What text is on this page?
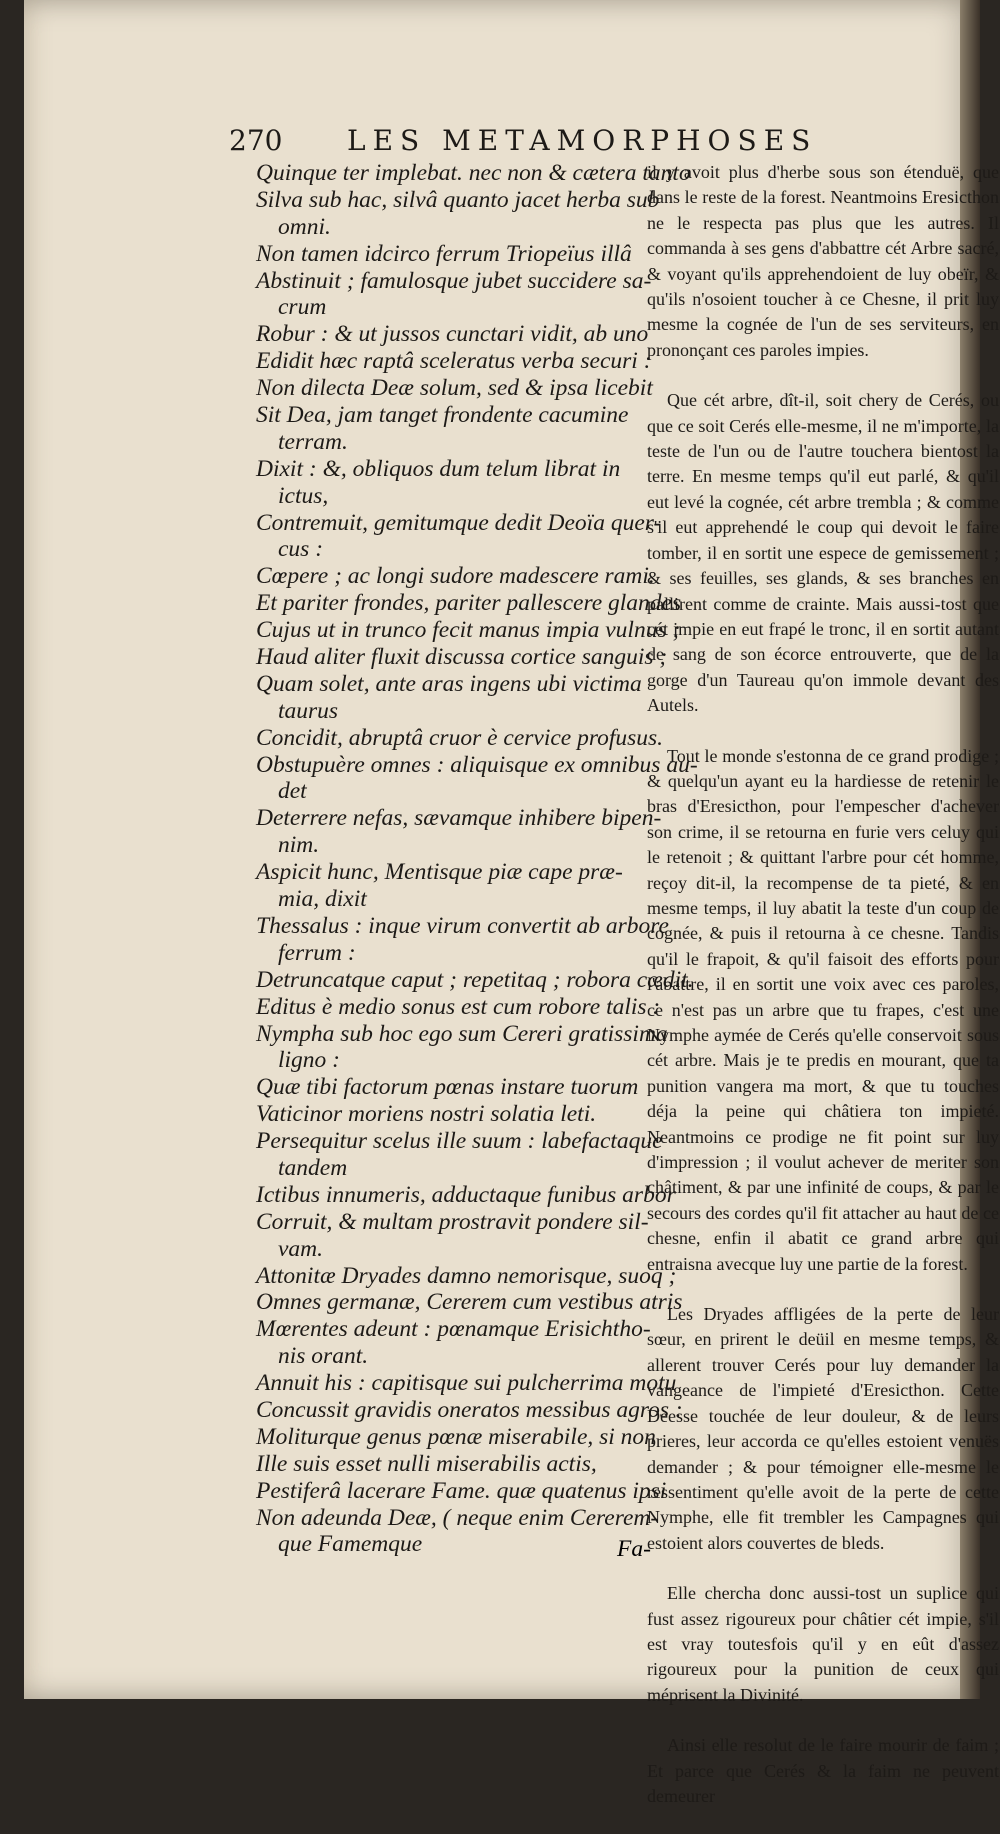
270 LES METAMORPHOSES
Quinque ter implebat. nec non & cætera tanto
Silva sub hac, silvâ quanto jacet herba sub
omni.
Non tamen idcirco ferrum Triopeïus illâ
Abstinuit ; famulosque jubet succidere sa-
crum
Robur : & ut jussos cunctari vidit, ab uno
Edidit hæc raptâ sceleratus verba securi :
Non dilecta Deæ solum, sed & ipsa licebit
Sit Dea, jam tanget frondente cacumine
terram.
Dixit : &, obliquos dum telum librat in
ictus,
Contremuit, gemitumque dedit Deoïa quer-
cus :
Cœpere ; ac longi sudore madescere rami.
Et pariter frondes, pariter pallescere glandes
Cujus ut in trunco fecit manus impia vulnus ;
Haud aliter fluxit discussa cortice sanguis ;
Quam solet, ante aras ingens ubi victima
taurus
Concidit, abruptâ cruor è cervice profusus.
Obstupuère omnes : aliquisque ex omnibus au-
det
Deterrere nefas, sævamque inhibere bipen-
nim.
Aspicit hunc, Mentisque piæ cape præ-
mia, dixit
Thessalus : inque virum convertit ab arbore
ferrum :
Detruncatque caput ; repetitaq ; robora cædit.
Editus è medio sonus est cum robore talis :
Nympha sub hoc ego sum Cereri gratissima
ligno :
Quæ tibi factorum pœnas instare tuorum
Vaticinor moriens nostri solatia leti.
Persequitur scelus ille suum : labefactaque
tandem
Ictibus innumeris, adductaque funibus arbor
Corruit, & multam prostravit pondere sil-
vam.
Attonitæ Dryades damno nemorisque, suoq ;
Omnes germanæ, Cererem cum vestibus atris
Mœrentes adeunt : pœnamque Erisichtho-
nis orant.
Annuit his : capitisque sui pulcherrima motu
Concussit gravidis oneratos messibus agros :
Moliturque genus pœnæ miserabile, si non
Ille suis esset nulli miserabilis actis,
Pestiferâ lacerare Fame. quæ quatenus ipsi
Non adeunda Deæ, ( neque enim Cererem-
que Famemque	Fa-

il y avoit plus d'herbe sous son étenduë, que dans le reste de la forest. Neantmoins Eresicthon ne le respecta pas plus que les autres. Il commanda à ses gens d'abbattre cét Arbre sacré, & voyant qu'ils apprehendoient de luy obeïr, & qu'ils n'osoient toucher à ce Chesne, il prit luy mesme la cognée de l'un de ses serviteurs, en prononçant ces paroles impies.

Que cét arbre, dît-il, soit chery de Cerés, ou que ce soit Cerés elle-mesme, il ne m'importe, la teste de l'un ou de l'autre touchera bientost la terre. En mesme temps qu'il eut parlé, & qu'il eut levé la cognée, cét arbre trembla ; & comme s'il eut apprehendé le coup qui devoit le faire tomber, il en sortit une espece de gemissement ; & ses feuilles, ses glands, & ses branches en pallirent comme de crainte. Mais aussi-tost que cét impie en eut frapé le tronc, il en sortit autant de sang de son écorce entrouverte, que de la gorge d'un Taureau qu'on immole devant des Autels.

Tout le monde s'estonna de ce grand prodige ; & quelqu'un ayant eu la hardiesse de retenir le bras d'Eresicthon, pour l'empescher d'achever son crime, il se retourna en furie vers celuy qui le retenoit ; & quittant l'arbre pour cét homme, reçoy dit-il, la recompense de ta pieté, & en mesme temps, il luy abatit la teste d'un coup de cognée, & puis il retourna à ce chesne. Tandis qu'il le frapoit, & qu'il faisoit des efforts pour l'abattre, il en sortit une voix avec ces paroles, ce n'est pas un arbre que tu frapes, c'est une Nymphe aymée de Cerés qu'elle conservoit sous cét arbre. Mais je te predis en mourant, que ta punition vangera ma mort, & que tu touches déja la peine qui châtiera ton impieté. Neantmoins ce prodige ne fit point sur luy d'impression ; il voulut achever de meriter son châtiment, & par une infinité de coups, & par le secours des cordes qu'il fit attacher au haut de ce chesne, enfin il abatit ce grand arbre qui entraisna avecque luy une partie de la forest.

Les Dryades affligées de la perte de leur sœur, en prirent le deüil en mesme temps, & allerent trouver Cerés pour luy demander la vangeance de l'impieté d'Eresicthon. Cette Deesse touchée de leur douleur, & de leurs prieres, leur accorda ce qu'elles estoient venuës demander ; & pour témoigner elle-mesme le ressentiment qu'elle avoit de la perte de cette Nymphe, elle fit trembler les Campagnes qui estoient alors couvertes de bleds.

Elle chercha donc aussi-tost un suplice qui fust assez rigoureux pour châtier cét impie, s'il est vray toutesfois qu'il y en eût d'assez rigoureux pour la punition de ceux qui méprisent la Divinité.

Ainsi elle resolut de le faire mourir de faim ; Et parce que Cerés & la faim ne peuvent demeurer
